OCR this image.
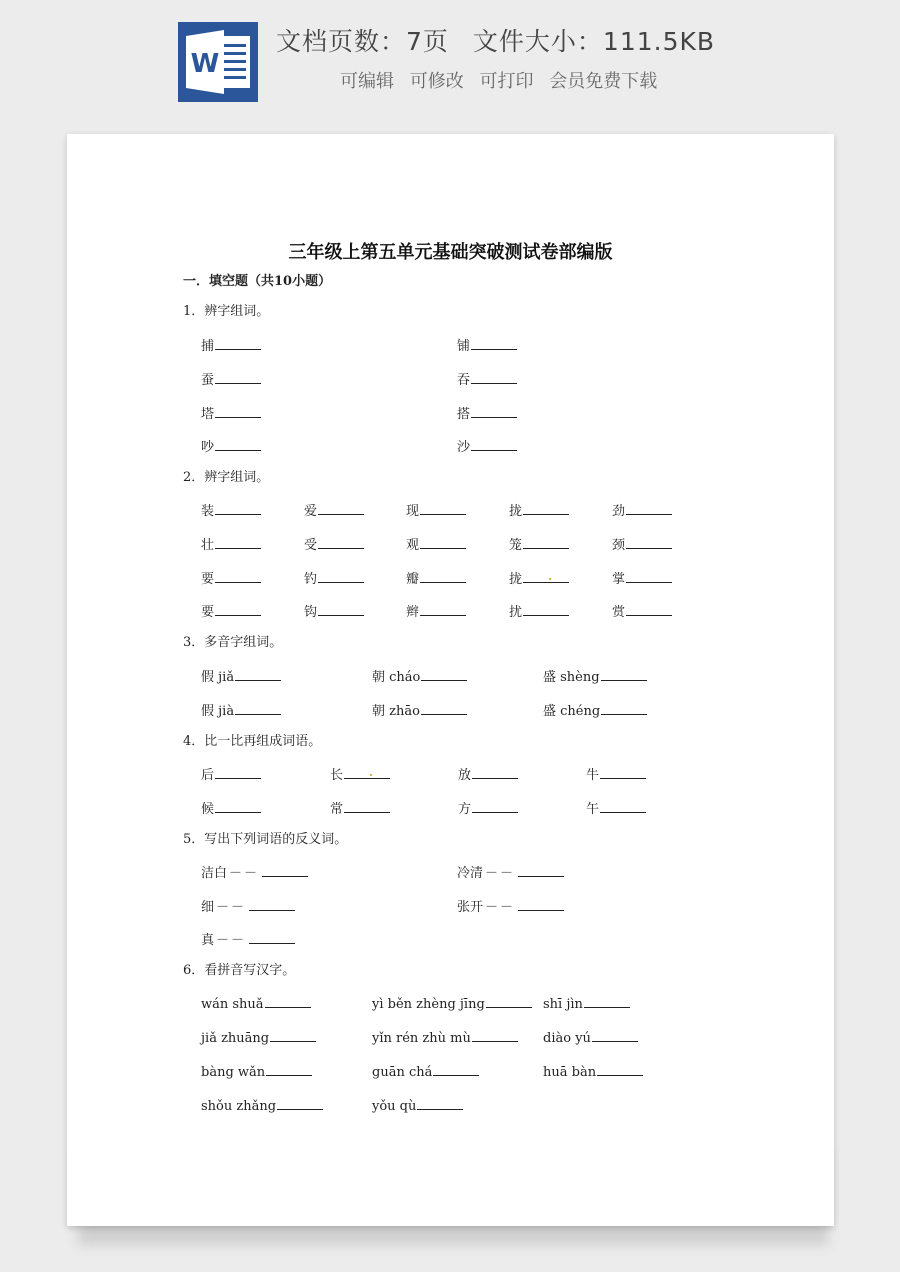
W
文档页数：7页 文件大小：111.5KB
可编辑 可修改 可打印 会员免费下载
三年级上第五单元基础突破测试卷部编版
一．填空题（共10小题）
1．辨字组词。
捕	铺
蚕	吞
塔	搭
吵	沙
2．辨字组词。
装	爱	现	拢	劲
壮	受	观	笼	颈
要	钓	瓣	拢	掌
要	钩	辫	扰	赏
3．多音字组词。
假 jiǎ	朝 cháo	盛 shèng
假 jià	朝 zhāo	盛 chéng
4．比一比再组成词语。
后	长	放	牛
候	常	方	午
5．写出下列词语的反义词。
洁白 －－	冷清 －－
细 －－	张开 －－
真 －－
6．看拼音写汉字。
wán shuǎ	yì běn zhèng jīng	shī jìn
jiǎ zhuāng	yǐn rén zhù mù	diào yú
bàng wǎn	guān chá	huā bàn
shǒu zhǎng	yǒu qù
